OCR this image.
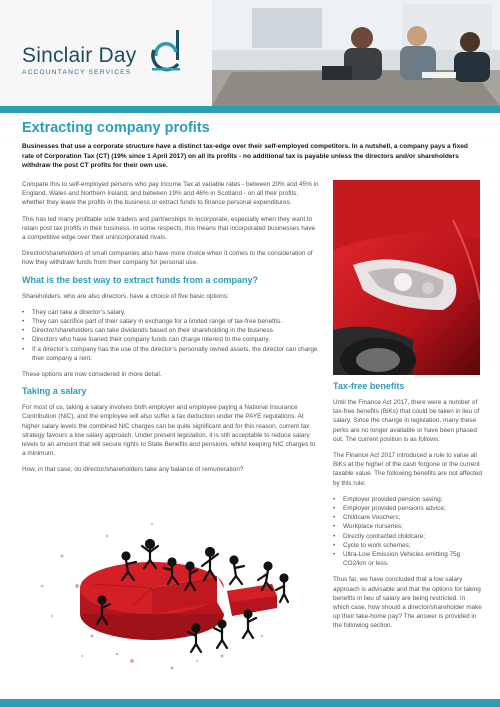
Sinclair Day
ACCOUNTANCY SERVICES
Extracting company profits

Businesses that use a corporate structure have a distinct tax-edge over their self-employed competitors. In a nutshell, a company pays a fixed rate of Corporation Tax (CT) (19% since 1 April 2017) on all its profits - no additional tax is payable unless the directors and/or shareholders withdraw the post CT profits for their own use.

Compare this to self-employed persons who pay Income Tax at variable rates - between 20% and 45% in England, Wales and Northern Ireland, and between 19% and 46% in Scotland - on all their profits, whether they leave the profits in the business or extract funds to finance personal expenditures.

This has led many profitable sole traders and partnerships to incorporate, especially when they want to retain post tax profits in their business. In some respects, this means that incorporated businesses have a competitive edge over their unincorporated rivals.

Director/shareholders of small companies also have more choice when it comes to the consideration of how they withdraw funds from their company for personal use.

What is the best way to extract funds from a company?

Shareholders, who are also directors, have a choice of five basic options:

• They can take a director’s salary.
• They can sacrifice part of their salary in exchange for a limited range of tax-free benefits.
• Director/shareholders can take dividends based on their shareholding in the business.
• Directors who have loaned their company funds can charge interest to the company.
• If a director’s company has the use of the director’s personally owned assets, the director can charge their company a rent.

These options are now considered in more detail.

Taking a salary

For most of us, taking a salary involves both employer and employee paying a National Insurance Contribution (NIC), and the employee will also suffer a tax deduction under the PAYE regulations. At higher salary levels the combined NIC charges can be quite significant and for this reason, current tax strategy favours a low salary approach. Under present legislation, it is still acceptable to reduce salary levels to an amount that will secure rights to State Benefits and pensions, whilst keeping NIC charges to a minimum.

How, in that case, do director/shareholders take any balance of remuneration?

Tax-free benefits

Until the Finance Act 2017, there were a number of tax-free benefits (BiKs) that could be taken in lieu of salary. Since the change in legislation, many these perks are no longer available or have been phased out. The current position is as follows:

The Finance Act 2017 introduced a rule to value all BiKs at the higher of the cash forgone or the current taxable value. The following benefits are not affected by this rule:

• Employer provided pension saving;
• Employer provided pensions advice;
• Childcare Vouchers;
• Workplace nurseries;
• Directly contracted childcare;
• Cycle to work schemes;
• Ultra-Low Emission Vehicles emitting 75g CO2/km or less.

Thus far, we have concluded that a low salary approach is advisable and that the options for taking benefits in lieu of salary are being restricted. In which case, how should a director/shareholder make up their take-home pay? The answer is provided in the following section.
